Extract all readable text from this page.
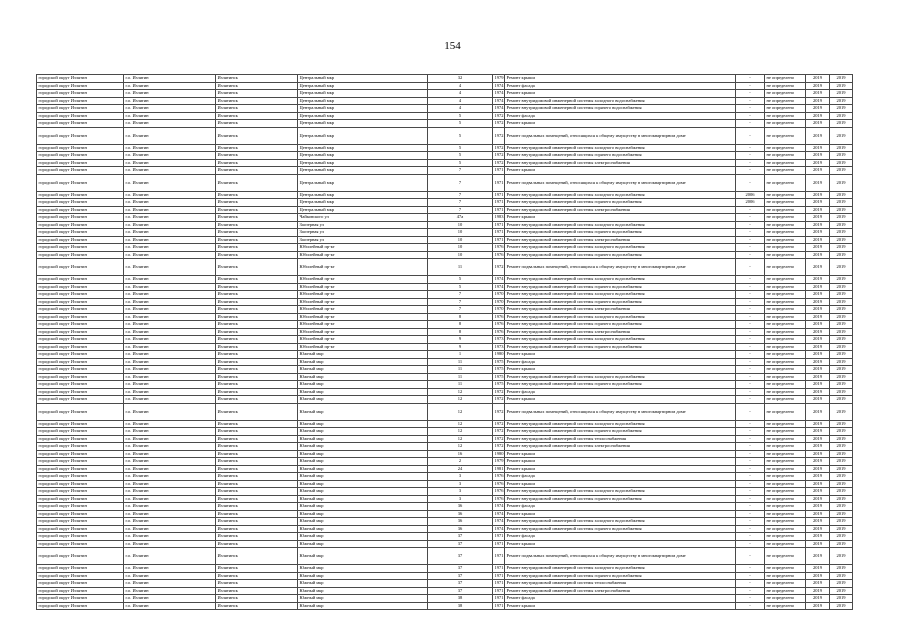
154
городской округ Излятин	г.о. Излятин	Излятинск	Центральный мкр	32	1979	Ремонт крыши	-	не определено	2019	2019
городской округ Излятин	г.о. Излятин	Излятинск	Центральный мкр	4	1974	Ремонт фасада	-	не определено	2019	2019
городской округ Излятин	г.о. Излятин	Излятинск	Центральный мкр	4	1974	Ремонт крыши	-	не определено	2019	2019
городской округ Излятин	г.о. Излятин	Излятинск	Центральный мкр	4	1974	Ремонт внутридомовой инженерной системы холодного водоснабжения	-	не определено	2019	2019
городской округ Излятин	г.о. Излятин	Излятинск	Центральный мкр	4	1974	Ремонт внутридомовой инженерной системы горячего водоснабжения	-	не определено	2019	2019
городской округ Излятин	г.о. Излятин	Излятинск	Центральный мкр	5	1972	Ремонт фасада	-	не определено	2019	2019
городской округ Излятин	г.о. Излятин	Излятинск	Центральный мкр	5	1972	Ремонт крыши	-	не определено	2019	2019
городской округ Излятин	г.о. Излятин	Излятинск	Центральный мкр	5	1972	Ремонт подвальных помещений, относящихся к общему имуществу в многоквартирном доме	-	не определено	2019	2019
городской округ Излятин	г.о. Излятин	Излятинск	Центральный мкр	5	1972	Ремонт внутридомовой инженерной системы холодного водоснабжения	-	не определено	2019	2019
городской округ Излятин	г.о. Излятин	Излятинск	Центральный мкр	5	1972	Ремонт внутридомовой инженерной системы горячего водоснабжения	-	не определено	2019	2019
городской округ Излятин	г.о. Излятин	Излятинск	Центральный мкр	5	1972	Ремонт внутридомовой инженерной системы электроснабжения	-	не определено	2019	2019
городской округ Излятин	г.о. Излятин	Излятинск	Центральный мкр	7	1971	Ремонт крыши	-	не определено	2019	2019
городской округ Излятин	г.о. Излятин	Излятинск	Центральный мкр	7	1971	Ремонт подвальных помещений, относящихся к общему имуществу в многоквартирном доме	-	не определено	2019	2019
городской округ Излятин	г.о. Излятин	Излятинск	Центральный мкр	7	1971	Ремонт внутридомовой инженерной системы холодного водоснабжения	2006	не определено	2019	2019
городской округ Излятин	г.о. Излятин	Излятинск	Центральный мкр	7	1971	Ремонт внутридомовой инженерной системы горячего водоснабжения	2006	не определено	2019	2019
городской округ Излятин	г.о. Излятин	Излятинск	Центральный мкр	7	1971	Ремонт внутридомовой инженерной системы электроснабжения	-	не определено	2019	2019
городской округ Излятин	г.о. Излятин	Излятинск	Чайковского ул	47а	1983	Ремонт крыши	-	не определено	2019	2019
городской округ Излятин	г.о. Излятин	Излятинск	Заозерная ул	10	1971	Ремонт внутридомовой инженерной системы холодного водоснабжения	-	не определено	2019	2019
городской округ Излятин	г.о. Излятин	Излятинск	Заозерная ул	10	1971	Ремонт внутридомовой инженерной системы горячего водоснабжения	-	не определено	2019	2019
городской округ Излятин	г.о. Излятин	Излятинск	Заозерная ул	10	1971	Ремонт внутридомовой инженерной системы электроснабжения	-	не определено	2019	2019
городской округ Излятин	г.о. Излятин	Излятинск	Юбилейный пр-кт	10	1976	Ремонт внутридомовой инженерной системы холодного водоснабжения	-	не определено	2019	2019
городской округ Излятин	г.о. Излятин	Излятинск	Юбилейный пр-кт	10	1976	Ремонт внутридомовой инженерной системы горячего водоснабжения	-	не определено	2019	2019
городской округ Излятин	г.о. Излятин	Излятинск	Юбилейный пр-кт	11	1972	Ремонт подвальных помещений, относящихся к общему имуществу в многоквартирном доме	-	не определено	2019	2019
городской округ Излятин	г.о. Излятин	Излятинск	Юбилейный пр-кт	5	1974	Ремонт внутридомовой инженерной системы холодного водоснабжения	-	не определено	2019	2019
городской округ Излятин	г.о. Излятин	Излятинск	Юбилейный пр-кт	5	1974	Ремонт внутридомовой инженерной системы горячего водоснабжения	-	не определено	2019	2019
городской округ Излятин	г.о. Излятин	Излятинск	Юбилейный пр-кт	7	1970	Ремонт внутридомовой инженерной системы холодного водоснабжения	-	не определено	2019	2019
городской округ Излятин	г.о. Излятин	Излятинск	Юбилейный пр-кт	7	1970	Ремонт внутридомовой инженерной системы горячего водоснабжения	-	не определено	2019	2019
городской округ Излятин	г.о. Излятин	Излятинск	Юбилейный пр-кт	7	1970	Ремонт внутридомовой инженерной системы электроснабжения	-	не определено	2019	2019
городской округ Излятин	г.о. Излятин	Излятинск	Юбилейный пр-кт	8	1976	Ремонт внутридомовой инженерной системы холодного водоснабжения	-	не определено	2019	2019
городской округ Излятин	г.о. Излятин	Излятинск	Юбилейный пр-кт	8	1976	Ремонт внутридомовой инженерной системы горячего водоснабжения	-	не определено	2019	2019
городской округ Излятин	г.о. Излятин	Излятинск	Юбилейный пр-кт	8	1976	Ремонт внутридомовой инженерной системы электроснабжения	-	не определено	2019	2019
городской округ Излятин	г.о. Излятин	Излятинск	Юбилейный пр-кт	9	1973	Ремонт внутридомовой инженерной системы холодного водоснабжения	-	не определено	2019	2019
городской округ Излятин	г.о. Излятин	Излятинск	Юбилейный пр-кт	9	1973	Ремонт внутридомовой инженерной системы горячего водоснабжения	-	не определено	2019	2019
городской округ Излятин	г.о. Излятин	Излятинск	Южный мкр	1	1980	Ремонт крыши	-	не определено	2019	2019
городской округ Излятин	г.о. Излятин	Излятинск	Южный мкр	11	1975	Ремонт фасада	-	не определено	2019	2019
городской округ Излятин	г.о. Излятин	Излятинск	Южный мкр	11	1975	Ремонт крыши	-	не определено	2019	2019
городской округ Излятин	г.о. Излятин	Излятинск	Южный мкр	11	1975	Ремонт внутридомовой инженерной системы холодного водоснабжения	-	не определено	2019	2019
городской округ Излятин	г.о. Излятин	Излятинск	Южный мкр	11	1975	Ремонт внутридомовой инженерной системы горячего водоснабжения	-	не определено	2019	2019
городской округ Излятин	г.о. Излятин	Излятинск	Южный мкр	12	1972	Ремонт фасада	-	не определено	2019	2019
городской округ Излятин	г.о. Излятин	Излятинск	Южный мкр	12	1972	Ремонт крыши	-	не определено	2019	2019
городской округ Излятин	г.о. Излятин	Излятинск	Южный мкр	12	1972	Ремонт подвальных помещений, относящихся к общему имуществу в многоквартирном доме	-	не определено	2019	2019
городской округ Излятин	г.о. Излятин	Излятинск	Южный мкр	12	1972	Ремонт внутридомовой инженерной системы холодного водоснабжения	-	не определено	2019	2019
городской округ Излятин	г.о. Излятин	Излятинск	Южный мкр	12	1972	Ремонт внутридомовой инженерной системы горячего водоснабжения	-	не определено	2019	2019
городской округ Излятин	г.о. Излятин	Излятинск	Южный мкр	12	1972	Ремонт внутридомовой инженерной системы теплоснабжения	-	не определено	2019	2019
городской округ Излятин	г.о. Излятин	Излятинск	Южный мкр	12	1972	Ремонт внутридомовой инженерной системы электроснабжения	-	не определено	2019	2019
городской округ Излятин	г.о. Излятин	Излятинск	Южный мкр	16	1980	Ремонт крыши	-	не определено	2019	2019
городской округ Излятин	г.о. Излятин	Излятинск	Южный мкр	2	1979	Ремонт крыши	-	не определено	2019	2019
городской округ Излятин	г.о. Излятин	Излятинск	Южный мкр	24	1981	Ремонт крыши	-	не определено	2019	2019
городской округ Излятин	г.о. Излятин	Излятинск	Южный мкр	3	1976	Ремонт фасада	-	не определено	2019	2019
городской округ Излятин	г.о. Излятин	Излятинск	Южный мкр	3	1976	Ремонт крыши	-	не определено	2019	2019
городской округ Излятин	г.о. Излятин	Излятинск	Южный мкр	3	1976	Ремонт внутридомовой инженерной системы холодного водоснабжения	-	не определено	2019	2019
городской округ Излятин	г.о. Излятин	Излятинск	Южный мкр	3	1976	Ремонт внутридомовой инженерной системы горячего водоснабжения	-	не определено	2019	2019
городской округ Излятин	г.о. Излятин	Излятинск	Южный мкр	36	1974	Ремонт фасада	-	не определено	2019	2019
городской округ Излятин	г.о. Излятин	Излятинск	Южный мкр	36	1974	Ремонт крыши	-	не определено	2019	2019
городской округ Излятин	г.о. Излятин	Излятинск	Южный мкр	36	1974	Ремонт внутридомовой инженерной системы холодного водоснабжения	-	не определено	2019	2019
городской округ Излятин	г.о. Излятин	Излятинск	Южный мкр	36	1974	Ремонт внутридомовой инженерной системы горячего водоснабжения	-	не определено	2019	2019
городской округ Излятин	г.о. Излятин	Излятинск	Южный мкр	37	1971	Ремонт фасада	-	не определено	2019	2019
городской округ Излятин	г.о. Излятин	Излятинск	Южный мкр	37	1971	Ремонт крыши	-	не определено	2019	2019
городской округ Излятин	г.о. Излятин	Излятинск	Южный мкр	37	1971	Ремонт подвальных помещений, относящихся к общему имуществу в многоквартирном доме	-	не определено	2019	2019
городской округ Излятин	г.о. Излятин	Излятинск	Южный мкр	37	1971	Ремонт внутридомовой инженерной системы холодного водоснабжения	-	не определено	2019	2019
городской округ Излятин	г.о. Излятин	Излятинск	Южный мкр	37	1971	Ремонт внутридомовой инженерной системы горячего водоснабжения	-	не определено	2019	2019
городской округ Излятин	г.о. Излятин	Излятинск	Южный мкр	37	1971	Ремонт внутридомовой инженерной системы теплоснабжения	-	не определено	2019	2019
городской округ Излятин	г.о. Излятин	Излятинск	Южный мкр	37	1971	Ремонт внутридомовой инженерной системы электроснабжения	-	не определено	2019	2019
городской округ Излятин	г.о. Излятин	Излятинск	Южный мкр	38	1971	Ремонт фасада	-	не определено	2019	2019
городской округ Излятин	г.о. Излятин	Излятинск	Южный мкр	38	1971	Ремонт крыши	-	не определено	2019	2019
